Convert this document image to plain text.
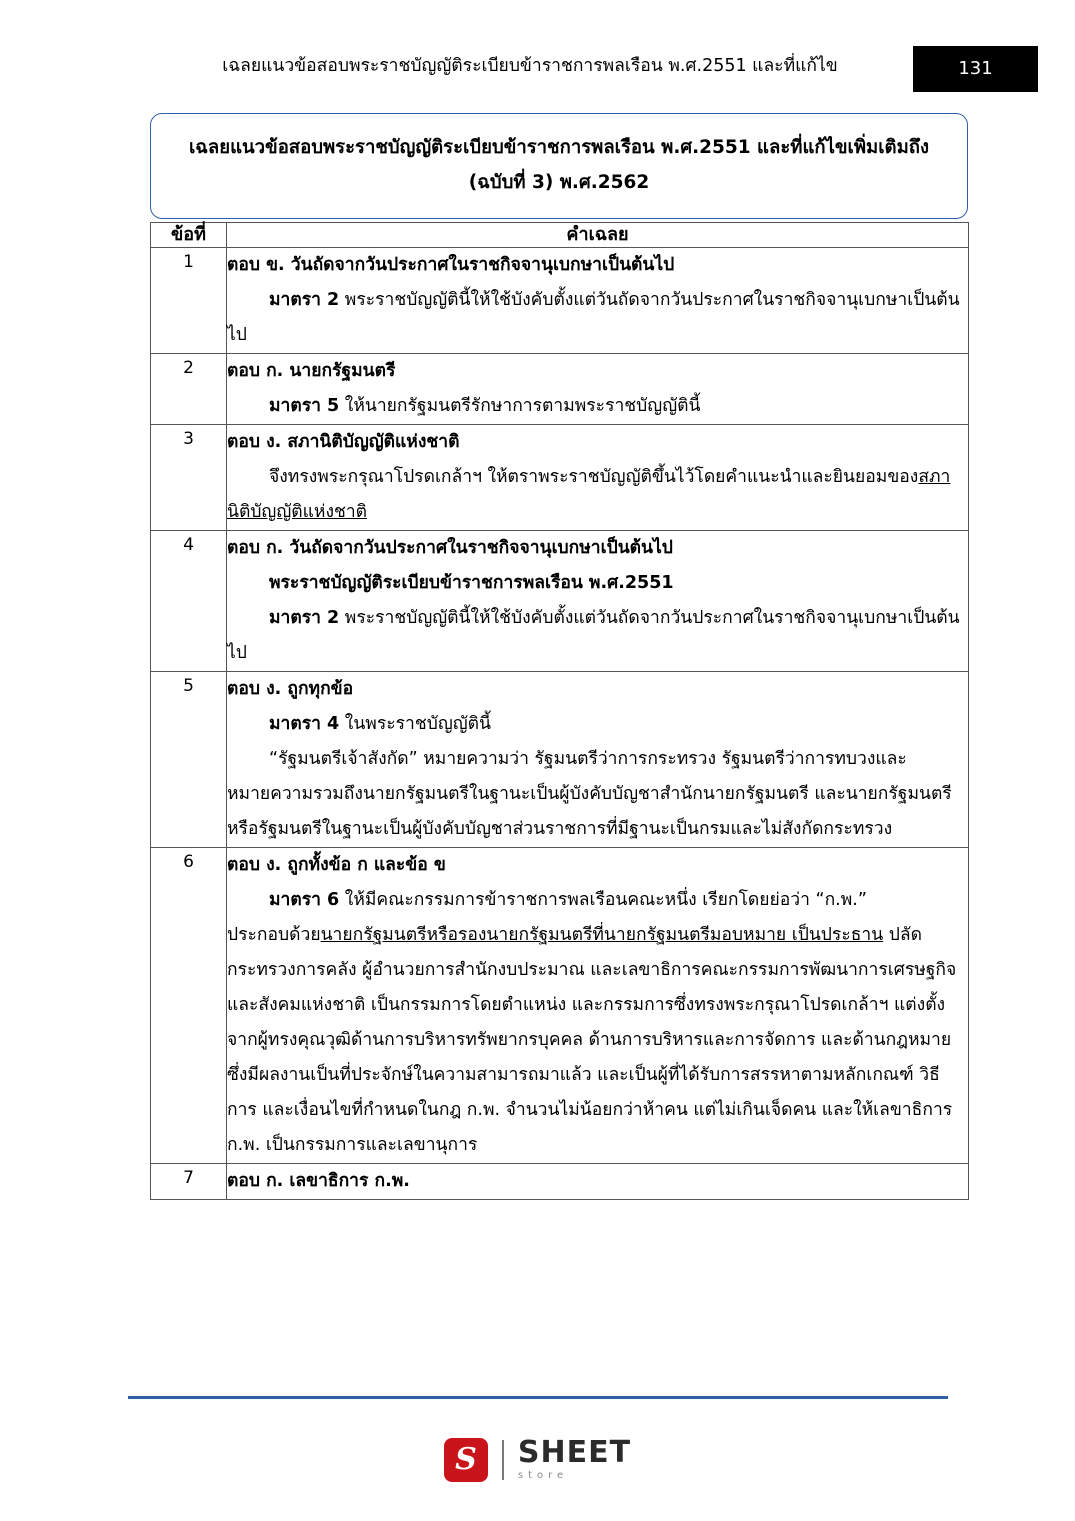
เฉลยแนวข้อสอบพระราชบัญญัติระเบียบข้าราชการพลเรือน พ.ศ.2551 และที่แก้ไข	131
เฉลยแนวข้อสอบพระราชบัญญัติระเบียบข้าราชการพลเรือน พ.ศ.2551 และที่แก้ไขเพิ่มเติมถึง (ฉบับที่ 3) พ.ศ.2562
ข้อที่	คำเฉลย
1	ตอบ ข. วันถัดจากวันประกาศในราชกิจจานุเบกษาเป็นต้นไป
มาตรา 2 พระราชบัญญัตินี้ให้ใช้บังคับตั้งแต่วันถัดจากวันประกาศในราชกิจจานุเบกษาเป็นต้นไป

2	ตอบ ก. นายกรัฐมนตรี
มาตรา 5 ให้นายกรัฐมนตรีรักษาการตามพระราชบัญญัตินี้

3	ตอบ ง. สภานิติบัญญัติแห่งชาติ
จึงทรงพระกรุณาโปรดเกล้าฯ ให้ตราพระราชบัญญัติขึ้นไว้โดยคำแนะนำและยินยอมของสภานิติบัญญัติแห่งชาติ

4	ตอบ ก. วันถัดจากวันประกาศในราชกิจจานุเบกษาเป็นต้นไป
พระราชบัญญัติระเบียบข้าราชการพลเรือน พ.ศ.2551
มาตรา 2 พระราชบัญญัตินี้ให้ใช้บังคับตั้งแต่วันถัดจากวันประกาศในราชกิจจานุเบกษาเป็นต้นไป

5	ตอบ ง. ถูกทุกข้อ
มาตรา 4 ในพระราชบัญญัตินี้
“รัฐมนตรีเจ้าสังกัด” หมายความว่า รัฐมนตรีว่าการกระทรวง รัฐมนตรีว่าการทบวงและหมายความรวมถึงนายกรัฐมนตรีในฐานะเป็นผู้บังคับบัญชาสำนักนายกรัฐมนตรี และนายกรัฐมนตรีหรือรัฐมนตรีในฐานะเป็นผู้บังคับบัญชาส่วนราชการที่มีฐานะเป็นกรมและไม่สังกัดกระทรวง

6	ตอบ ง. ถูกทั้งข้อ ก และข้อ ข
มาตรา 6 ให้มีคณะกรรมการข้าราชการพลเรือนคณะหนึ่ง เรียกโดยย่อว่า “ก.พ.”
ประกอบด้วยนายกรัฐมนตรีหรือรองนายกรัฐมนตรีที่นายกรัฐมนตรีมอบหมาย เป็นประธาน ปลัดกระทรวงการคลัง ผู้อำนวยการสำนักงบประมาณ และเลขาธิการคณะกรรมการพัฒนาการเศรษฐกิจและสังคมแห่งชาติ เป็นกรรมการโดยตำแหน่ง และกรรมการซึ่งทรงพระกรุณาโปรดเกล้าฯ แต่งตั้งจากผู้ทรงคุณวุฒิด้านการบริหารทรัพยากรบุคคล ด้านการบริหารและการจัดการ และด้านกฎหมาย ซึ่งมีผลงานเป็นที่ประจักษ์ในความสามารถมาแล้ว และเป็นผู้ที่ได้รับการสรรหาตามหลักเกณฑ์ วิธีการ และเงื่อนไขที่กำหนดในกฎ ก.พ. จำนวนไม่น้อยกว่าห้าคน แต่ไม่เกินเจ็ดคน และให้เลขาธิการ ก.พ. เป็นกรรมการและเลขานุการ

7	ตอบ ก. เลขาธิการ ก.พ.
S	SHEET
store
